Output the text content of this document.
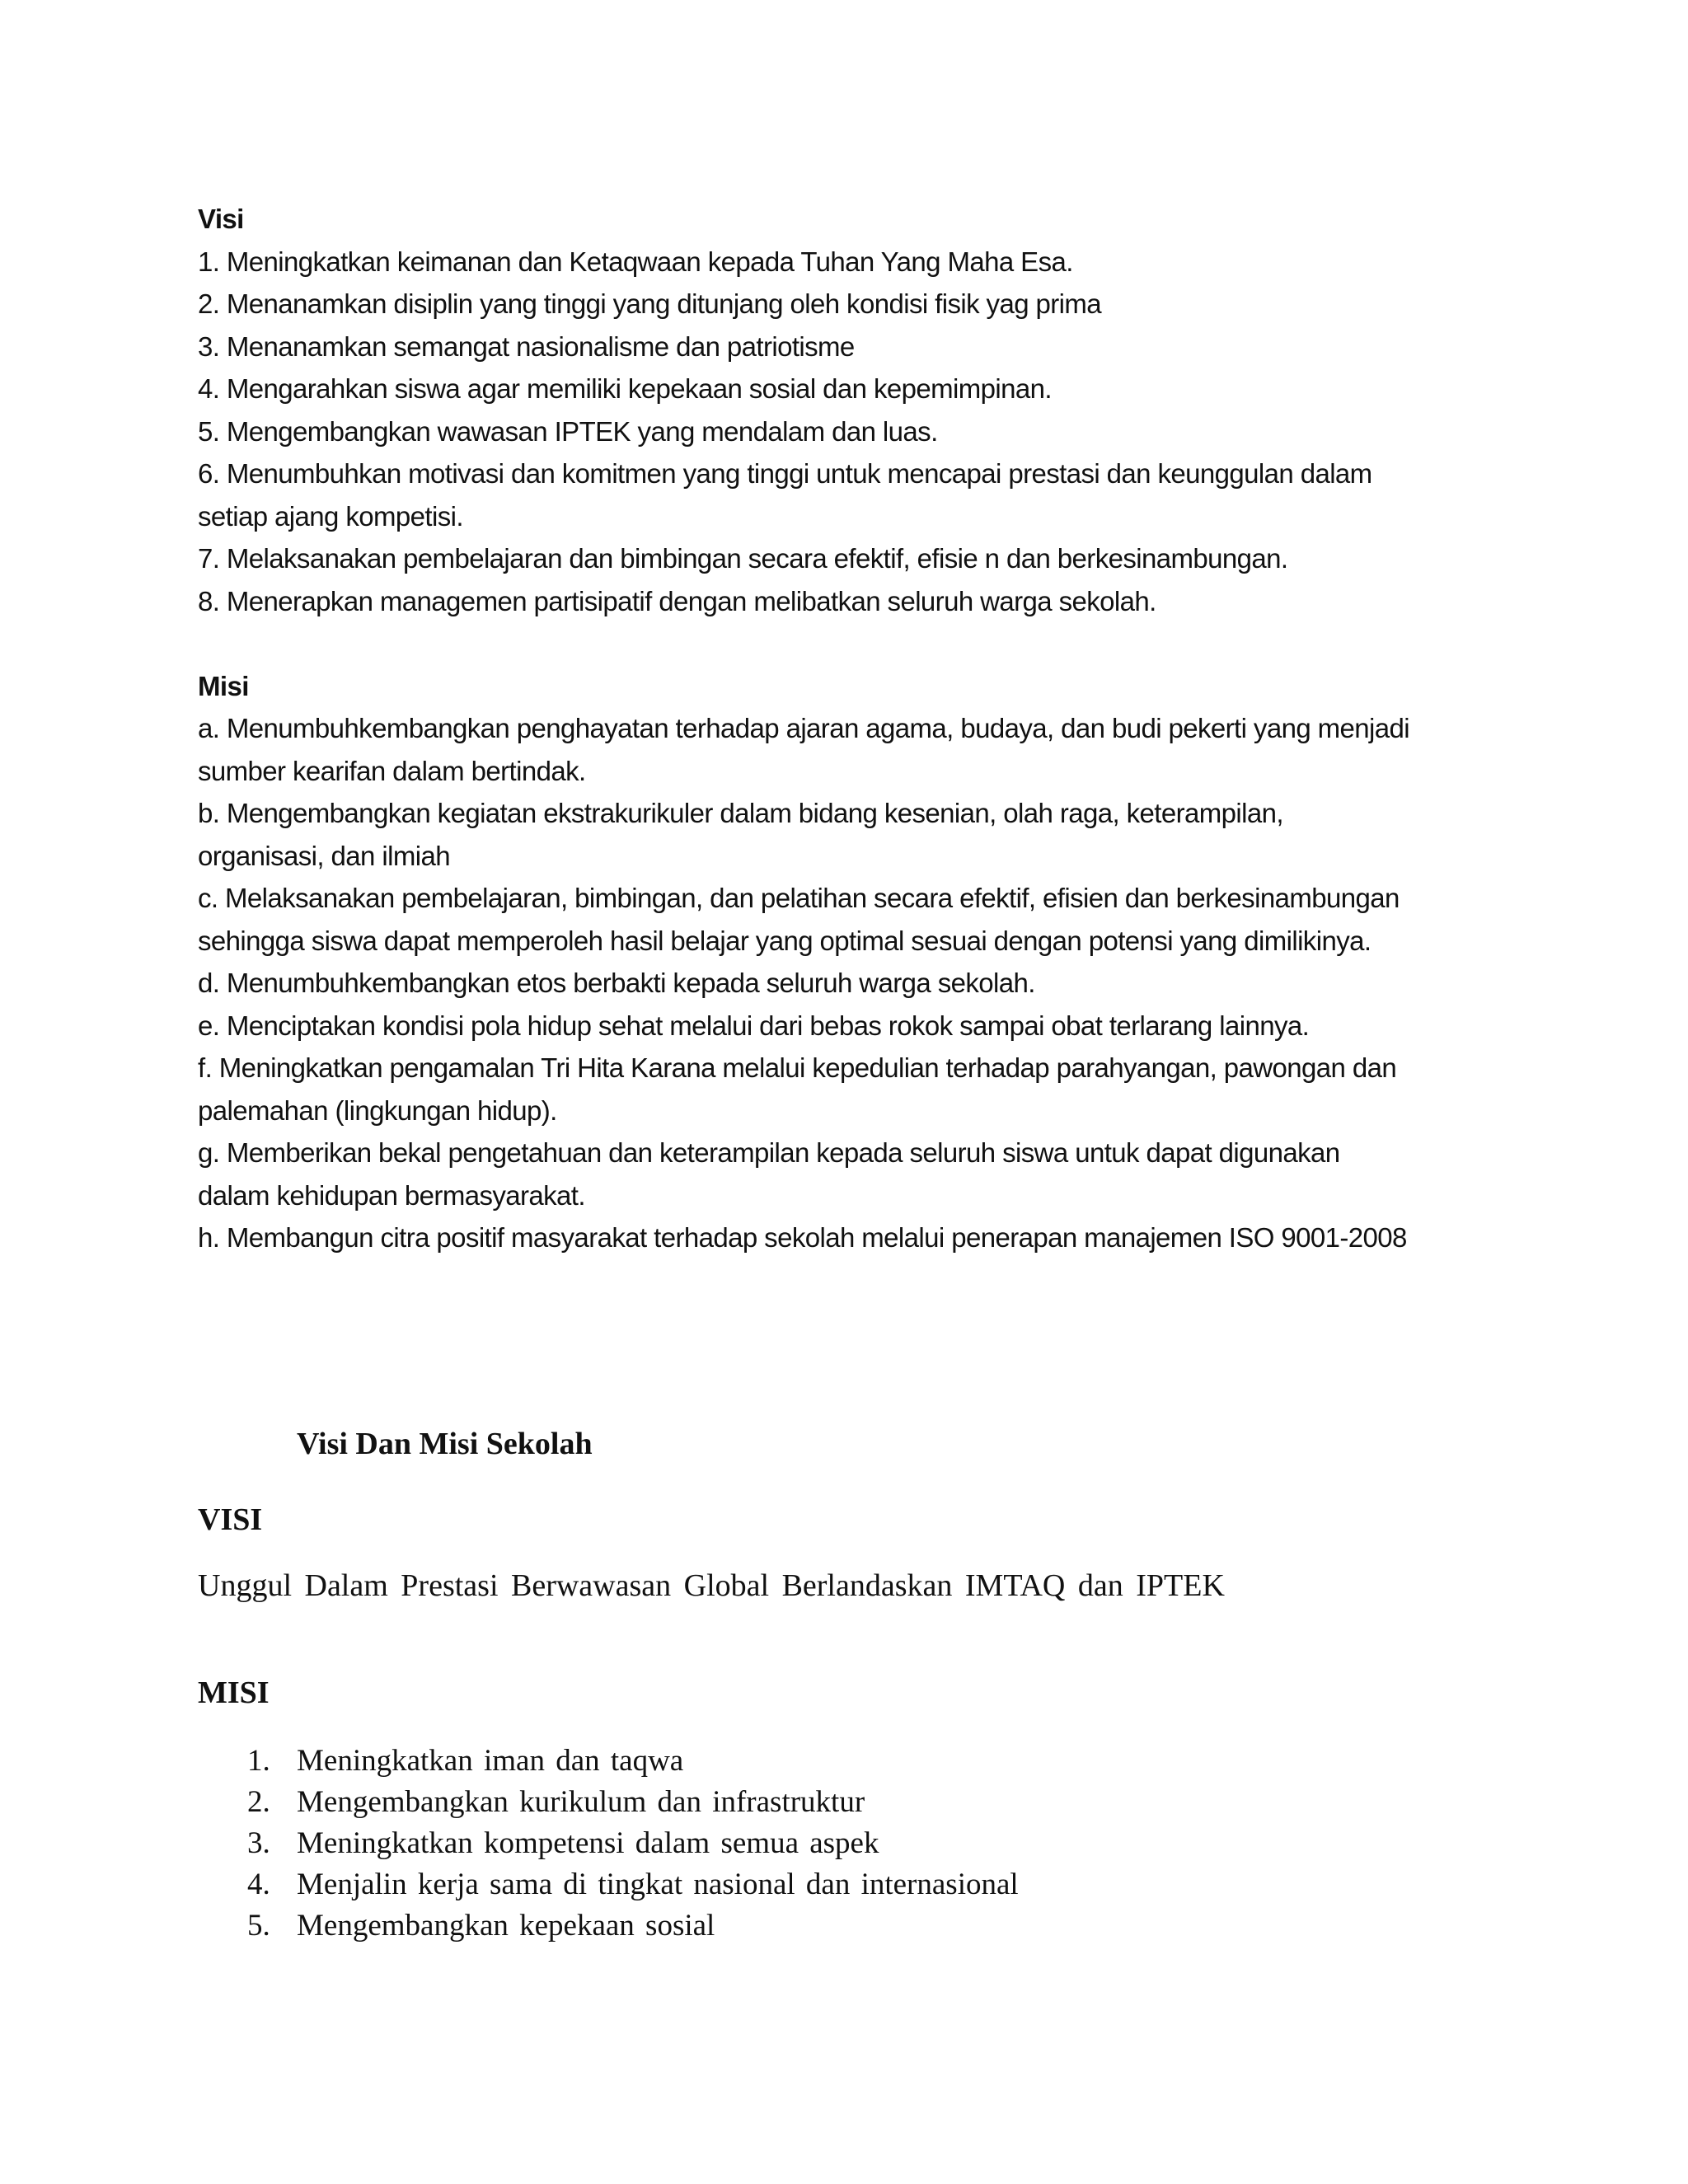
Visi

1. Meningkatkan keimanan dan Ketaqwaan kepada Tuhan Yang Maha Esa.

2. Menanamkan disiplin yang tinggi yang ditunjang oleh kondisi fisik yag prima

3. Menanamkan semangat nasionalisme dan patriotisme

4. Mengarahkan siswa agar memiliki kepekaan sosial dan kepemimpinan.

5. Mengembangkan wawasan IPTEK yang mendalam dan luas.

6. Menumbuhkan motivasi dan komitmen yang tinggi untuk mencapai prestasi dan keunggulan dalam

setiap ajang kompetisi.

7. Melaksanakan pembelajaran dan bimbingan secara efektif, efisie n dan berkesinambungan.

8. Menerapkan managemen partisipatif dengan melibatkan seluruh warga sekolah.

Misi

a. Menumbuhkembangkan penghayatan terhadap ajaran agama, budaya, dan budi pekerti yang menjadi

sumber kearifan dalam bertindak.

b. Mengembangkan kegiatan ekstrakurikuler dalam bidang kesenian, olah raga, keterampilan,

organisasi, dan ilmiah

c. Melaksanakan pembelajaran, bimbingan, dan pelatihan secara efektif, efisien dan berkesinambungan

sehingga siswa dapat memperoleh hasil belajar yang optimal sesuai dengan potensi yang dimilikinya.

d. Menumbuhkembangkan etos berbakti kepada seluruh warga sekolah.

e. Menciptakan kondisi pola hidup sehat melalui dari bebas rokok sampai obat terlarang lainnya.

f. Meningkatkan pengamalan Tri Hita Karana melalui kepedulian terhadap parahyangan, pawongan dan

palemahan (lingkungan hidup).

g. Memberikan bekal pengetahuan dan keterampilan kepada seluruh siswa untuk dapat digunakan

dalam kehidupan bermasyarakat.

h. Membangun citra positif masyarakat terhadap sekolah melalui penerapan manajemen ISO 9001-2008

Visi Dan Misi Sekolah

VISI

Unggul Dalam Prestasi Berwawasan Global Berlandaskan IMTAQ dan IPTEK

MISI

1. Meningkatkan iman dan taqwa
2. Mengembangkan kurikulum dan infrastruktur
3. Meningkatkan kompetensi dalam semua aspek
4. Menjalin kerja sama di tingkat nasional dan internasional
5. Mengembangkan kepekaan sosial
